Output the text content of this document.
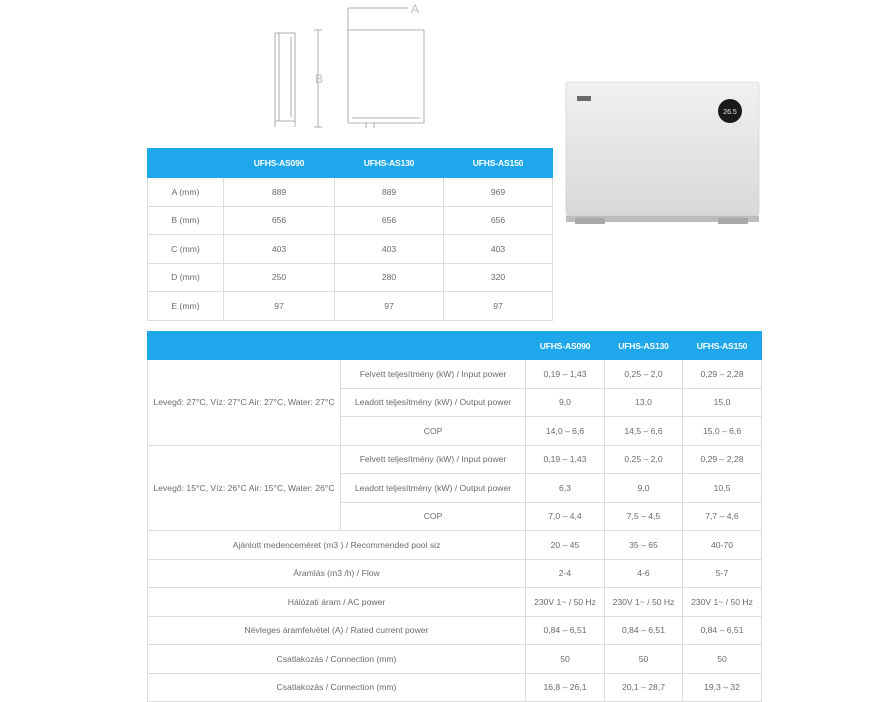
A
B
26.5
	UFHS-AS090	UFHS-AS130	UFHS-AS150
A (mm)	889	889	969
B (mm)	656	656	656
C (mm)	403	403	403
D (mm)	250	280	320
E (mm)	97	97	97
		UFHS-AS090	UFHS-AS130	UFHS-AS150
Levegő: 27°C, Víz: 27°C Air: 27°C, Water: 27°C	Felvett teljesítmény (kW) / Input power	0,19 – 1,43	0,25 – 2,0	0,29 – 2,28
	Leadott teljesítmény (kW) / Output power	9,0	13,0	15,0
	COP	14,0 – 6,6	14,5 – 6,6	15,0 – 6,6
Levegő: 15°C, Víz: 26°C Air: 15°C, Water: 26°C	Felvett teljesítmény (kW) / Input power	0,19 – 1,43	0,25 – 2,0	0,29 – 2,28
	Leadott teljesítmény (kW) / Output power	6,3	9,0	10,5
	COP	7,0 – 4,4	7,5 – 4,5	7,7 – 4,6
Ajánlott medenceméret (m3 ) / Recommended pool siz		20 – 45	35 – 65	40-70
Áramlás (m3 /h) / Flow		2-4	4-6	5-7
Hálózati áram / AC power		230V 1~ / 50 Hz	230V 1~ / 50 Hz	230V 1~ / 50 Hz
Névleges áramfelvétel (A) / Rated current power		0,84 – 6,51	0,84 – 6,51	0,84 – 6,51
Csatlakozás / Connection (mm)		50	50	50
Csatlakozás / Connection (mm)		16,8 – 26,1	20,1 – 28,7	19,3 – 32
